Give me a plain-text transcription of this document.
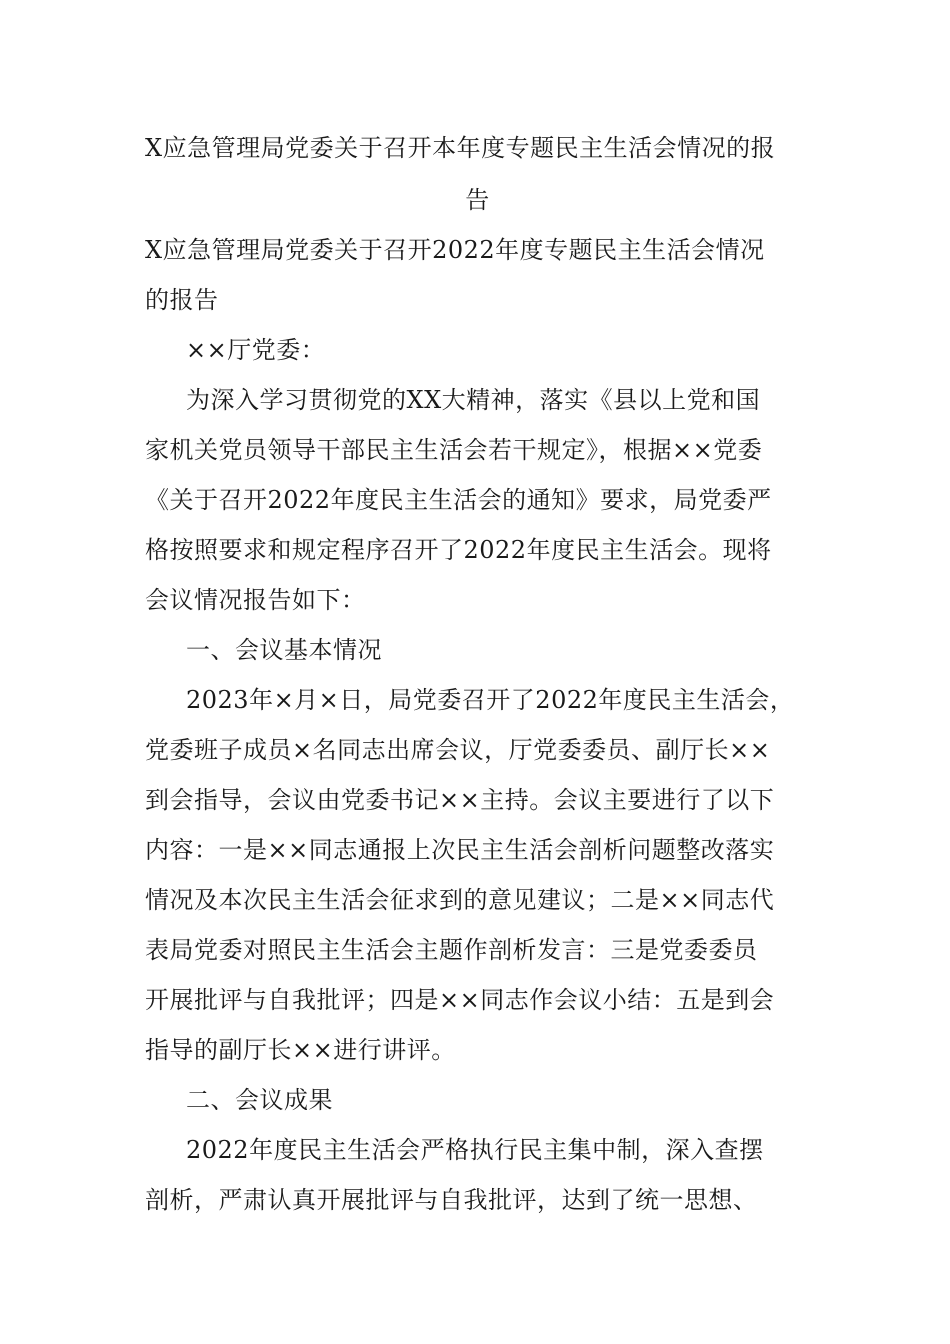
X应急管理局党委关于召开本年度专题民主生活会情况的报
告
X应急管理局党委关于召开2022年度专题民主生活会情况
的报告
××厅党委：
为深入学习贯彻党的XX大精神，落实《县以上党和国
家机关党员领导干部民主生活会若干规定》，根据××党委
《关于召开2022年度民主生活会的通知》要求，局党委严
格按照要求和规定程序召开了2022年度民主生活会。现将
会议情况报告如下：
一、会议基本情况
2023年×月×日，局党委召开了2022年度民主生活会，
党委班子成员×名同志出席会议，厅党委委员、副厅长××
到会指导，会议由党委书记××主持。会议主要进行了以下
内容：一是××同志通报上次民主生活会剖析问题整改落实
情况及本次民主生活会征求到的意见建议；二是××同志代
表局党委对照民主生活会主题作剖析发言：三是党委委员
开展批评与自我批评；四是××同志作会议小结：五是到会
指导的副厅长××进行讲评。
二、会议成果
2022年度民主生活会严格执行民主集中制，深入查摆
剖析，严肃认真开展批评与自我批评，达到了统一思想、
